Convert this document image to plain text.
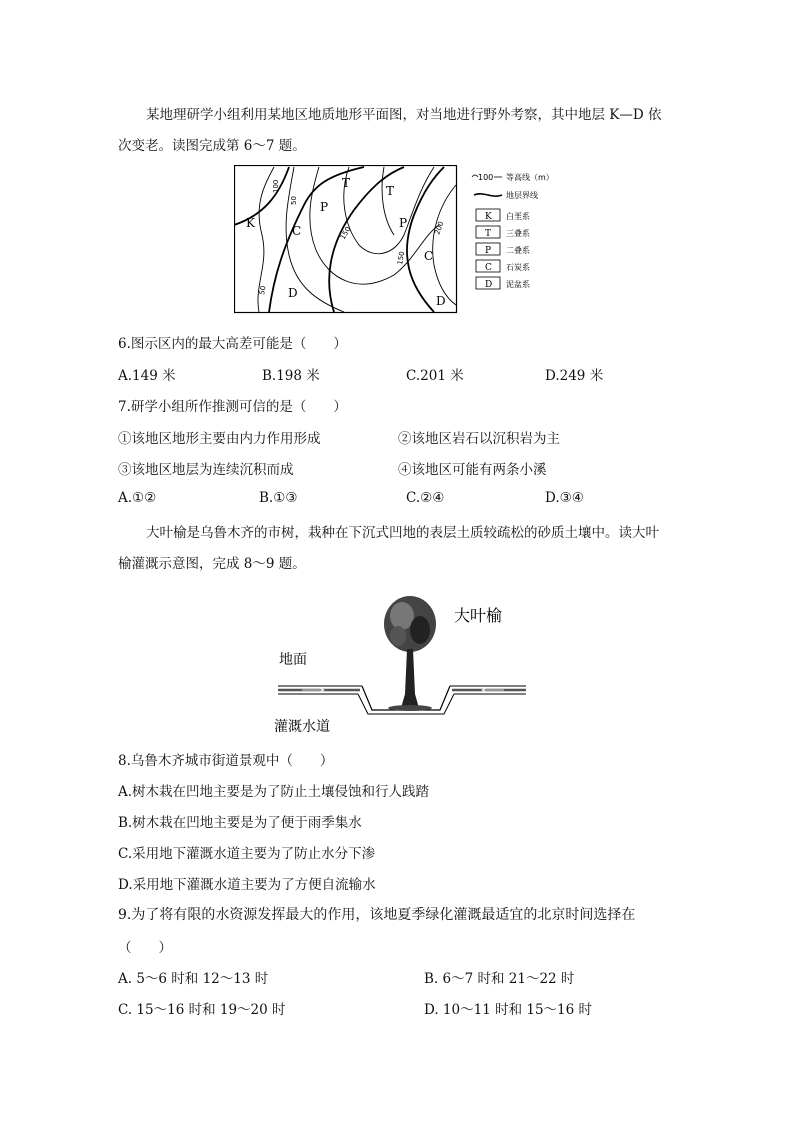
某地理研学小组利用某地区地质地形平面图，对当地进行野外考察，其中地层 K—D 依
次变老。读图完成第 6～7 题。
K
T
T
P
P
C
C
D
D
100
50
150
150
200
50
100 等高线（m）
地层界线
K 白垩系
T 三叠系
P 二叠系
C 石炭系
D 泥盆系
6.图示区内的最大高差可能是（　　）
A.149 米	B.198 米	C.201 米	D.249 米
7.研学小组所作推测可信的是（　　）
①该地区地形主要由内力作用形成	②该地区岩石以沉积岩为主
③该地区地层为连续沉积而成	④该地区可能有两条小溪
A.①②	B.①③	C.②④	D.③④
大叶榆是乌鲁木齐的市树，栽种在下沉式凹地的表层土质较疏松的砂质土壤中。读大叶
榆灌溉示意图，完成 8～9 题。
大叶榆
地面
灌溉水道
8.乌鲁木齐城市街道景观中（　　）
A.树木栽在凹地主要是为了防止土壤侵蚀和行人践踏
B.树木栽在凹地主要是为了便于雨季集水
C.采用地下灌溉水道主要为了防止水分下渗
D.采用地下灌溉水道主要为了方便自流输水
9.为了将有限的水资源发挥最大的作用，该地夏季绿化灌溉最适宜的北京时间选择在
（　　）
A. 5～6 时和 12～13 时	B. 6～7 时和 21～22 时
C. 15～16 时和 19～20 时	D. 10～11 时和 15～16 时
